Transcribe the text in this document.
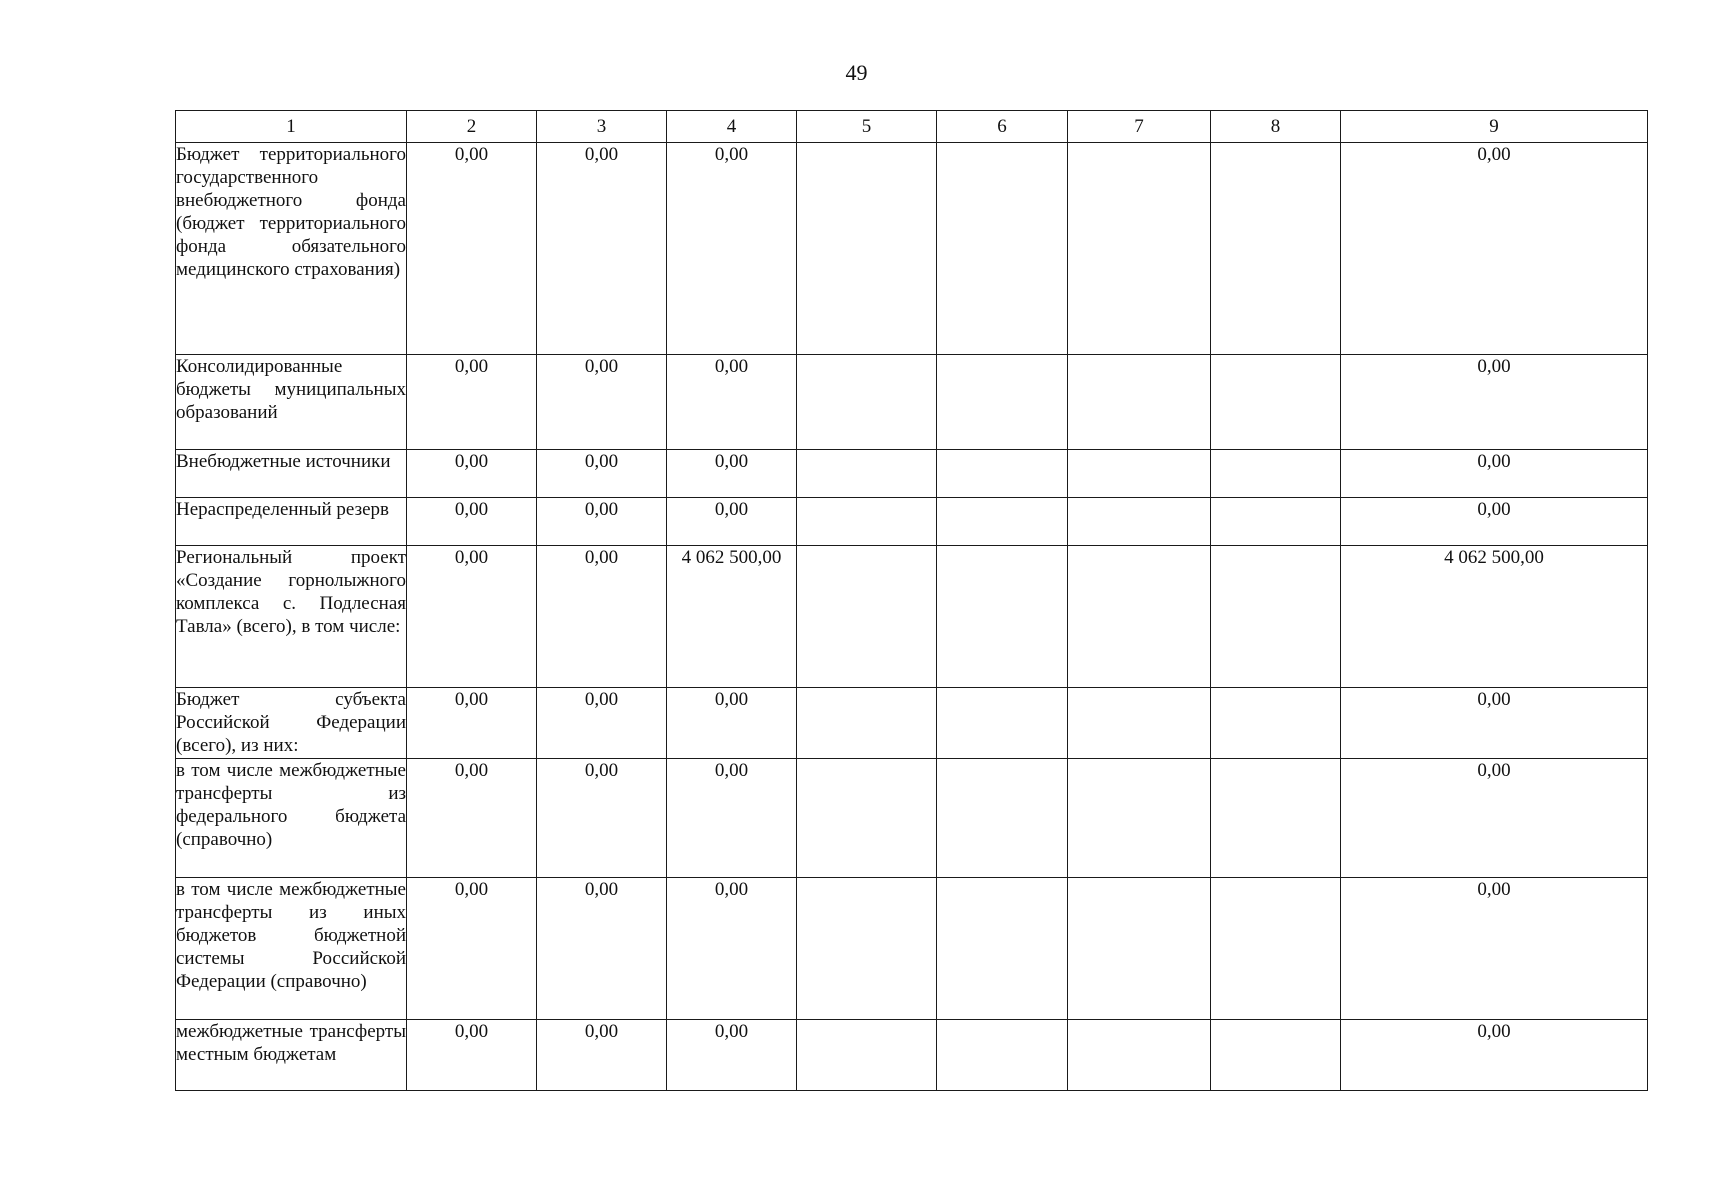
49
1	2	3	4	5	6	7	8	9
Бюджет территориального государственного внебюджетного фонда (бюджет территориального фонда обязательного медицинского страхования)	0,00	0,00	0,00					0,00
Консолидированные бюджеты муниципальных образований	0,00	0,00	0,00					0,00
Внебюджетные источники	0,00	0,00	0,00					0,00
Нераспределенный резерв	0,00	0,00	0,00					0,00
Региональный проект «Создание горнолыжного комплекса с. Подлесная Тавла» (всего), в том числе:	0,00	0,00	4 062 500,00					4 062 500,00
Бюджет субъекта Российской Федерации (всего), из них:	0,00	0,00	0,00					0,00
в том числе межбюджетные трансферты из федерального бюджета (справочно)	0,00	0,00	0,00					0,00
в том числе межбюджетные трансферты из иных бюджетов бюджетной системы Российской Федерации (справочно)	0,00	0,00	0,00					0,00
межбюджетные трансферты местным бюджетам	0,00	0,00	0,00					0,00
